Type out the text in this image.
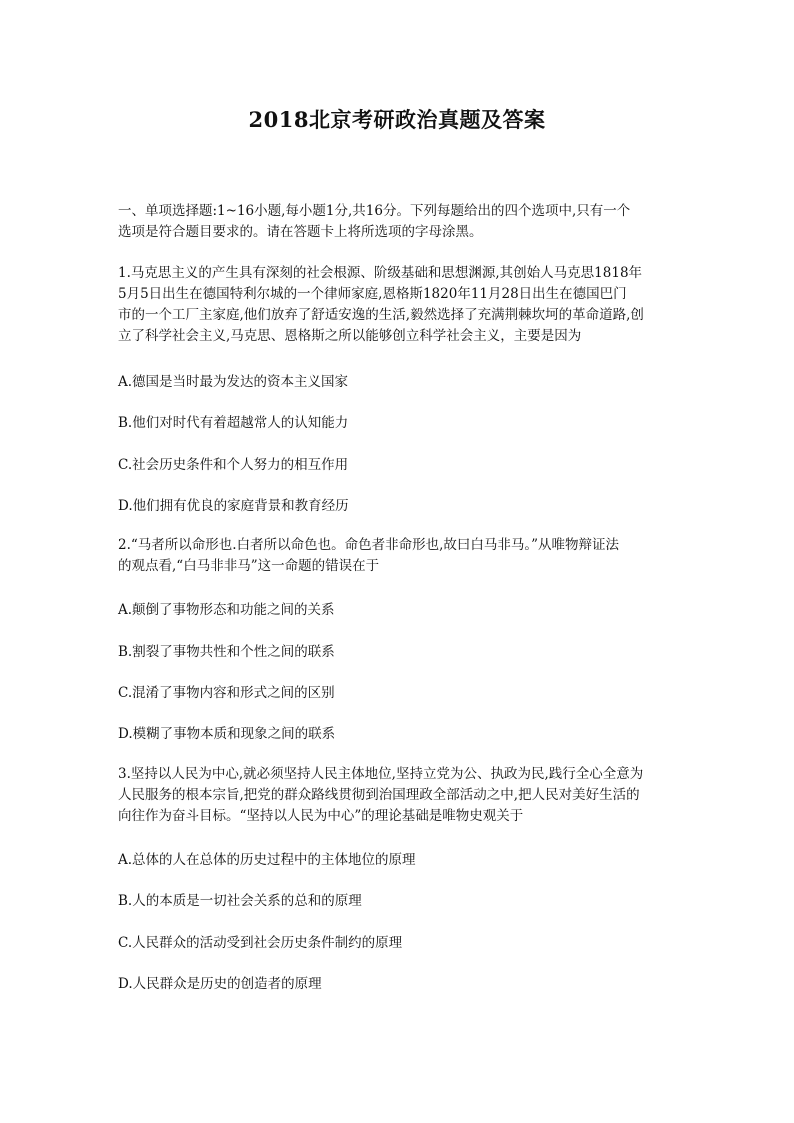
2018北京考研政治真题及答案
一、单项选择题:1~16小题,每小题1分,共16分。下列每题给出的四个选项中,只有一个
选项是符合题目要求的。请在答题卡上将所选项的字母涂黑。
1.马克思主义的产生具有深刻的社会根源、阶级基础和思想渊源,其创始人马克思1818年
5月5日出生在德国特利尔城的一个律师家庭,恩格斯1820年11月28日出生在德国巴门
市的一个工厂主家庭,他们放弃了舒适安逸的生活,毅然选择了充满荆棘坎坷的革命道路,创
立了科学社会主义,马克思、恩格斯之所以能够创立科学社会主义，主要是因为
A.德国是当时最为发达的资本主义国家
B.他们对时代有着超越常人的认知能力
C.社会历史条件和个人努力的相互作用
D.他们拥有优良的家庭背景和教育经历
2.“马者所以命形也.白者所以命色也。命色者非命形也,故曰白马非马。”从唯物辩证法
的观点看,“白马非非马”这一命题的错误在于
A.颠倒了事物形态和功能之间的关系
B.割裂了事物共性和个性之间的联系
C.混淆了事物内容和形式之间的区别
D.模糊了事物本质和现象之间的联系
3.坚持以人民为中心,就必须坚持人民主体地位,坚持立党为公、执政为民,践行全心全意为
人民服务的根本宗旨,把党的群众路线贯彻到治国理政全部活动之中,把人民对美好生活的
向往作为奋斗目标。“坚持以人民为中心”的理论基础是唯物史观关于
A.总体的人在总体的历史过程中的主体地位的原理
B.人的本质是一切社会关系的总和的原理
C.人民群众的活动受到社会历史条件制约的原理
D.人民群众是历史的创造者的原理
